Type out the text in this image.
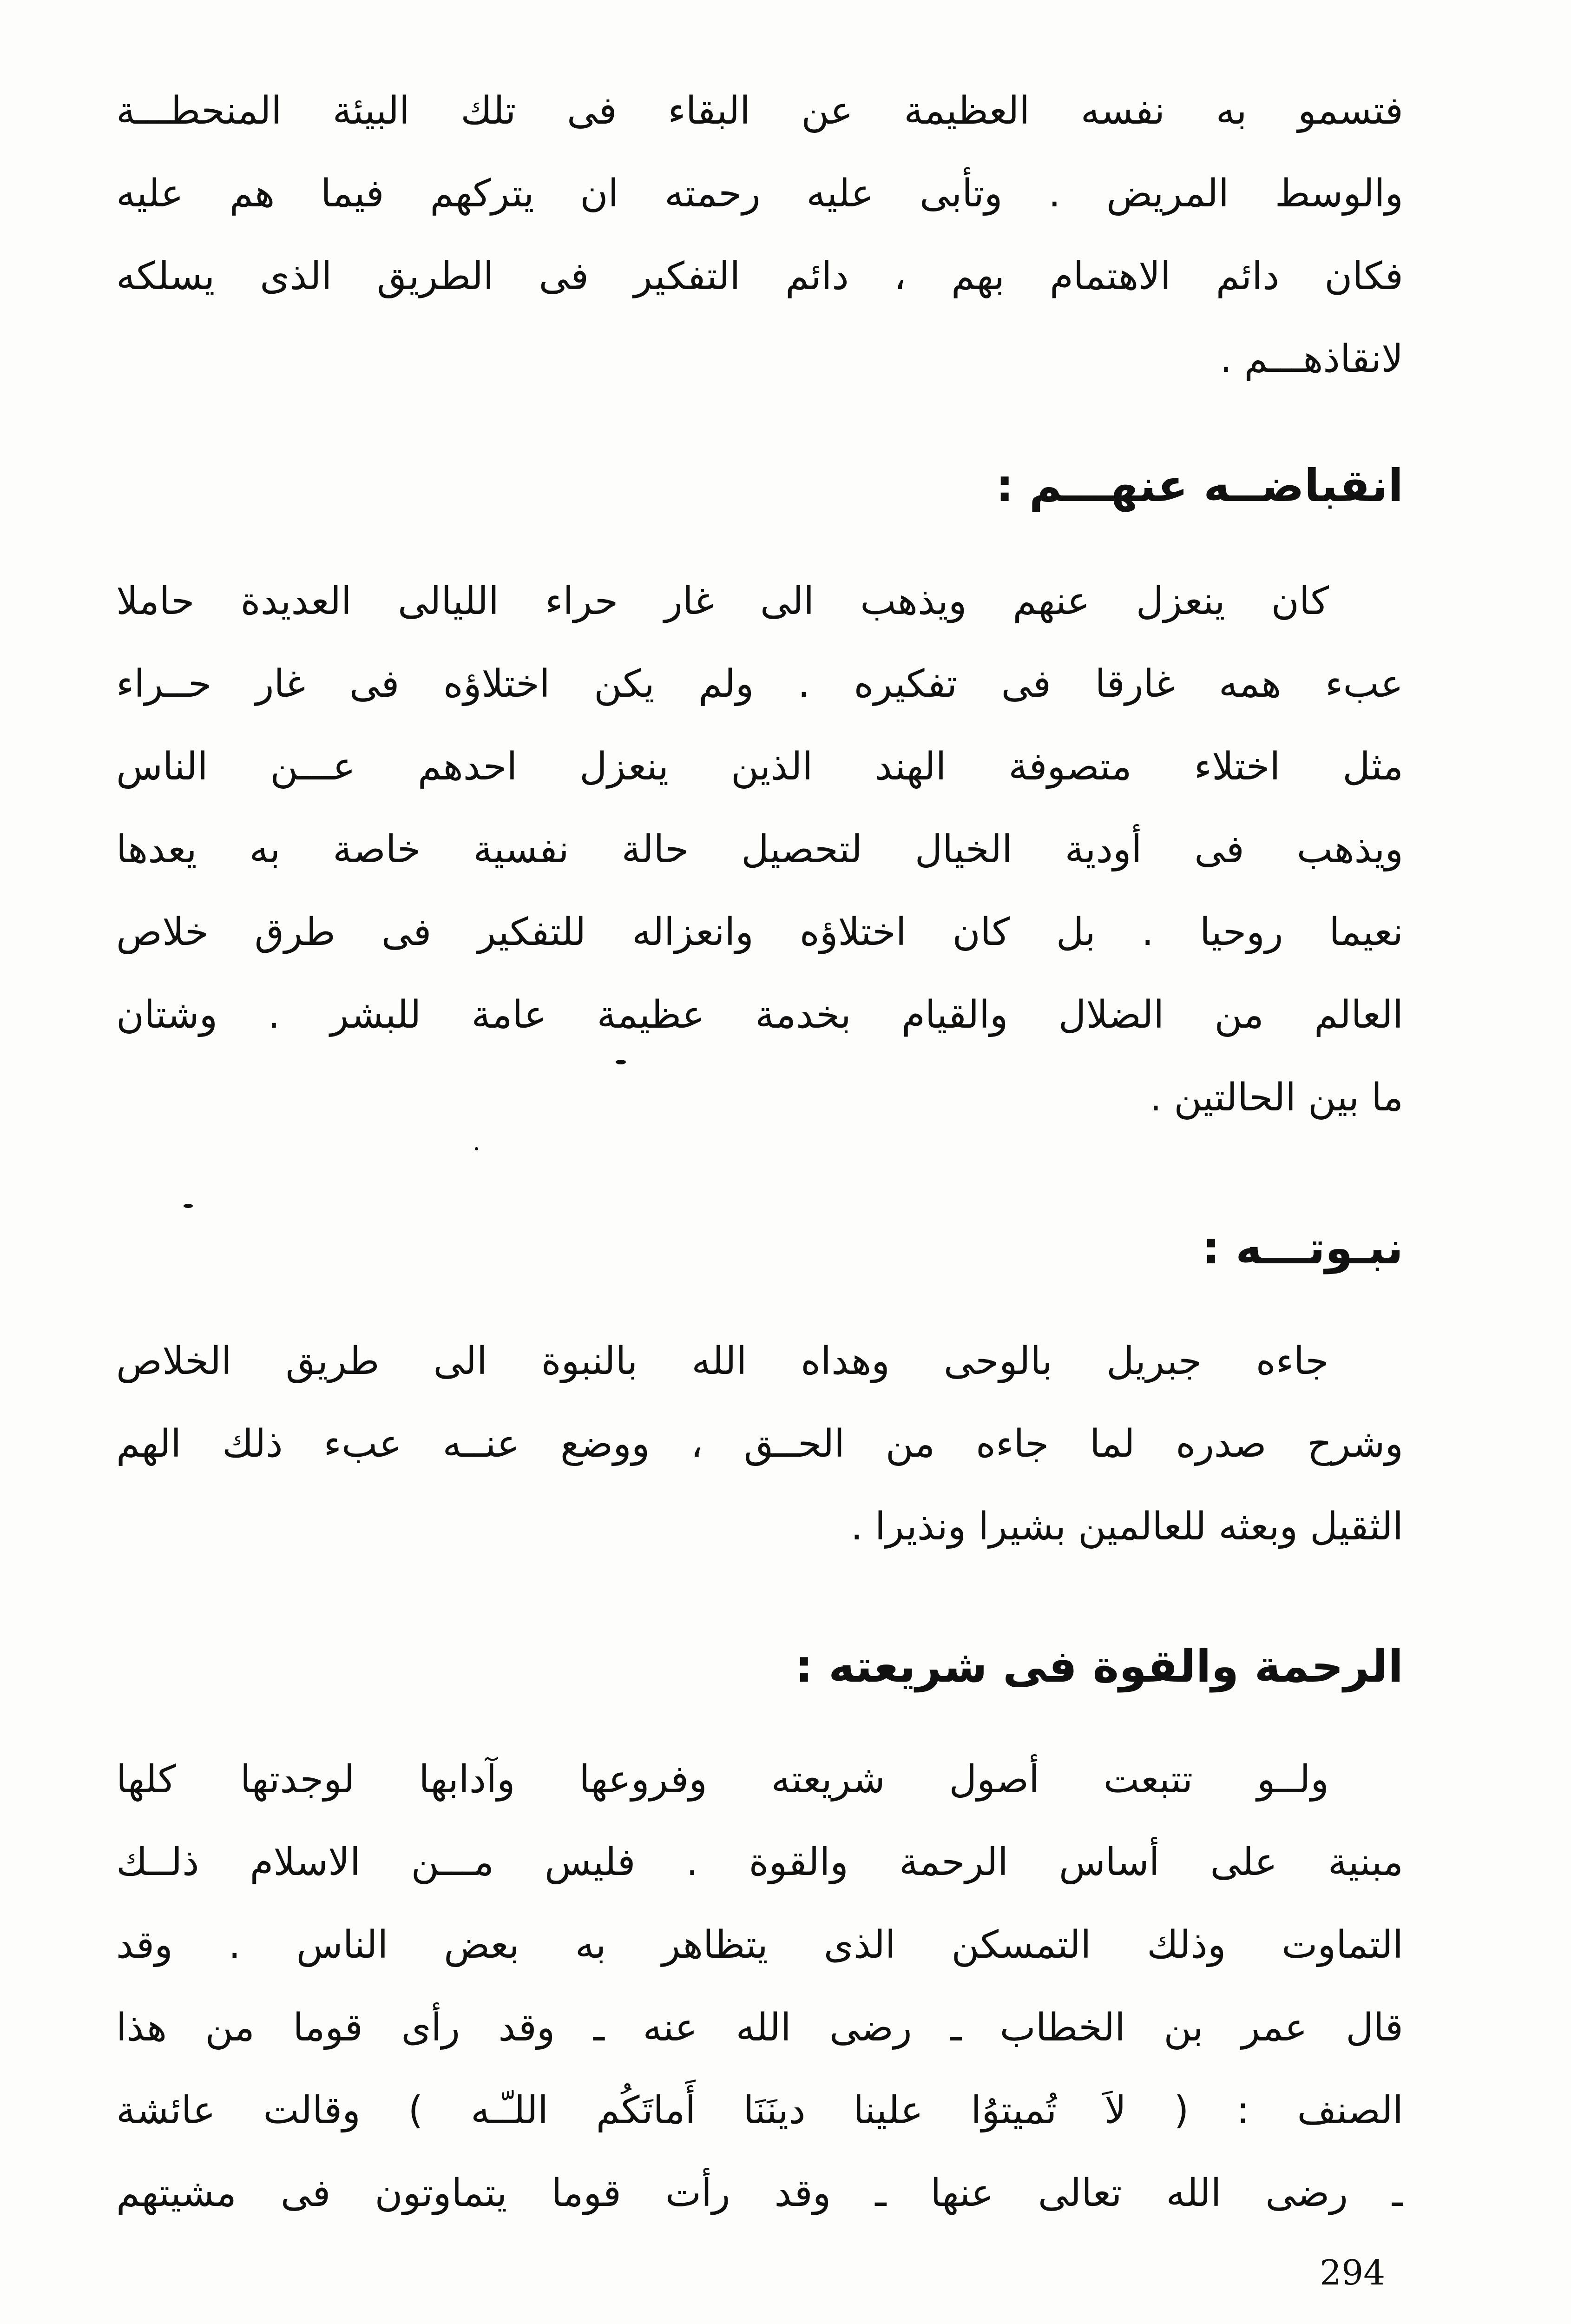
فتسمو به نفسه العظيمة عن البقاء فى تلك البيئة المنحطـــة
والوسط المريض . وتأبى عليه رحمته ان يتركهم فيما هم عليه
فكان دائم الاهتمام بهم ، دائم التفكير فى الطريق الذى يسلكه
لانقاذهـــم .
انقباضــه عنهـــم :
كان ينعزل عنهم ويذهب الى غار حراء الليالى العديدة حاملا
عبء همه غارقا فى تفكيره . ولم يكن اختلاؤه فى غار حــراء
مثل اختلاء متصوفة الهند الذين ينعزل احدهم عـــن الناس
ويذهب فى أودية الخيال لتحصيل حالة نفسية خاصة به يعدها
نعيما روحيا . بل كان اختلاؤه وانعزاله للتفكير فى طرق خلاص
العالم من الضلال والقيام بخدمة عظيمة عامة للبشر . وشتان
ما بين الحالتين .
نبـوتـــه :
جاءه جبريل بالوحى وهداه الله بالنبوة الى طريق الخلاص
وشرح صدره لما جاءه من الحــق ، ووضع عنــه عبء ذلك الهم
الثقيل وبعثه للعالمين بشيرا ونذيرا .
الرحمة والقوة فى شريعته :
ولــو تتبعت أصول شريعته وفروعها وآدابها لوجدتها كلها
مبنية على أساس الرحمة والقوة . فليس مـــن الاسلام ذلــك
التماوت وذلك التمسكن الذى يتظاهر به بعض الناس . وقد
قال عمر بن الخطاب ـ رضى الله عنه ـ وقد رأى قوما من هذا
الصنف : ( لاَ تُميتوُا علينا دينَنَا أَماتَكُم اللـّـه ) وقالت عائشة
ـ رضى الله تعالى عنها ـ وقد رأت قوما يتماوتون فى مشيتهم
294
